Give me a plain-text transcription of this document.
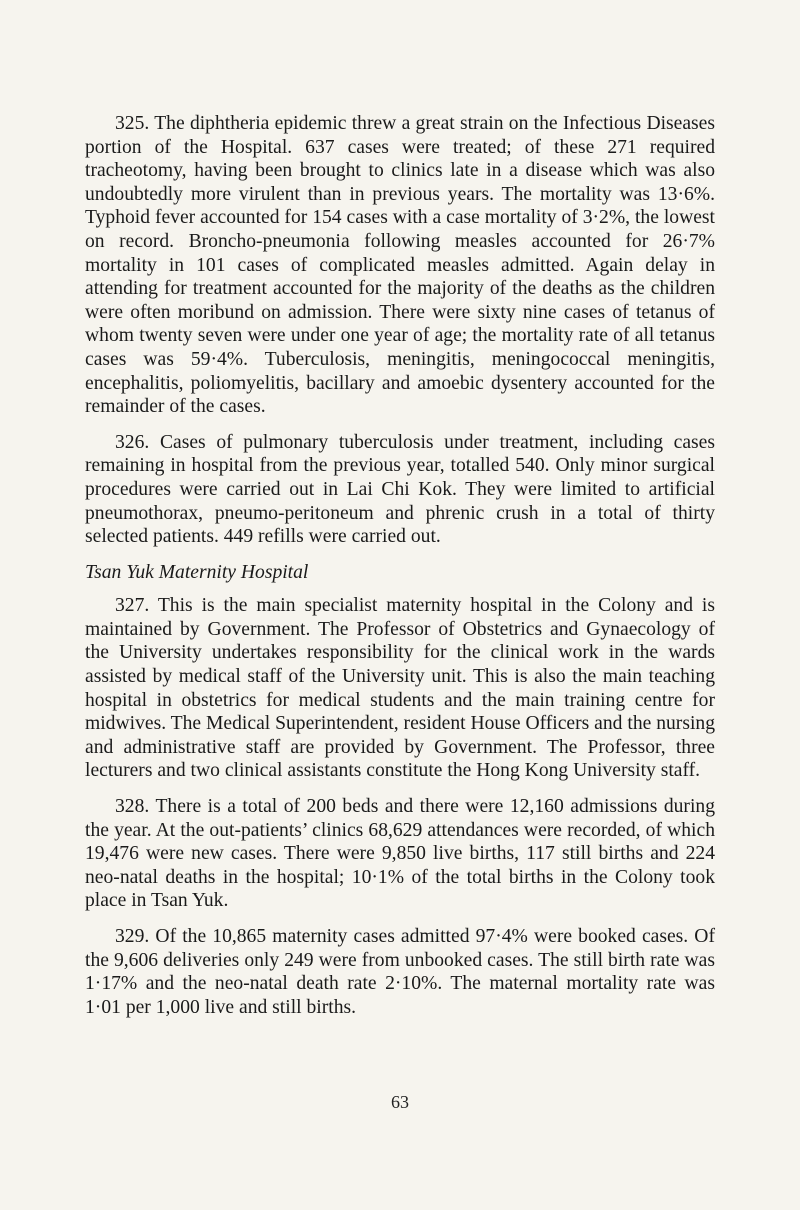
325. The diphtheria epidemic threw a great strain on the Infectious Diseases portion of the Hospital. 637 cases were treated; of these 271 required tracheotomy, having been brought to clinics late in a disease which was also undoubtedly more virulent than in previous years. The mortality was 13·6%. Typhoid fever accounted for 154 cases with a case mortality of 3·2%, the lowest on record. Broncho-pneumonia following measles accounted for 26·7% mortality in 101 cases of complicated measles admitted. Again delay in attending for treatment accounted for the majority of the deaths as the children were often moribund on admission. There were sixty nine cases of tetanus of whom twenty seven were under one year of age; the mortality rate of all tetanus cases was 59·4%. Tuberculosis, meningitis, meningococcal meningitis, encephalitis, poliomyelitis, bacillary and amoebic dysentery accounted for the remainder of the cases.

326. Cases of pulmonary tuberculosis under treatment, including cases remaining in hospital from the previous year, totalled 540. Only minor surgical procedures were carried out in Lai Chi Kok. They were limited to artificial pneumothorax, pneumo-peritoneum and phrenic crush in a total of thirty selected patients. 449 refills were carried out.

Tsan Yuk Maternity Hospital

327. This is the main specialist maternity hospital in the Colony and is maintained by Government. The Professor of Obstetrics and Gynaecology of the University undertakes responsibility for the clinical work in the wards assisted by medical staff of the University unit. This is also the main teaching hospital in obstetrics for medical students and the main training centre for midwives. The Medical Superintendent, resident House Officers and the nursing and administrative staff are provided by Government. The Professor, three lecturers and two clinical assistants constitute the Hong Kong University staff.

328. There is a total of 200 beds and there were 12,160 admissions during the year. At the out-patients’ clinics 68,629 attendances were recorded, of which 19,476 were new cases. There were 9,850 live births, 117 still births and 224 neo-natal deaths in the hospital; 10·1% of the total births in the Colony took place in Tsan Yuk.

329. Of the 10,865 maternity cases admitted 97·4% were booked cases. Of the 9,606 deliveries only 249 were from unbooked cases. The still birth rate was 1·17% and the neo-natal death rate 2·10%. The maternal mortality rate was 1·01 per 1,000 live and still births.

63
